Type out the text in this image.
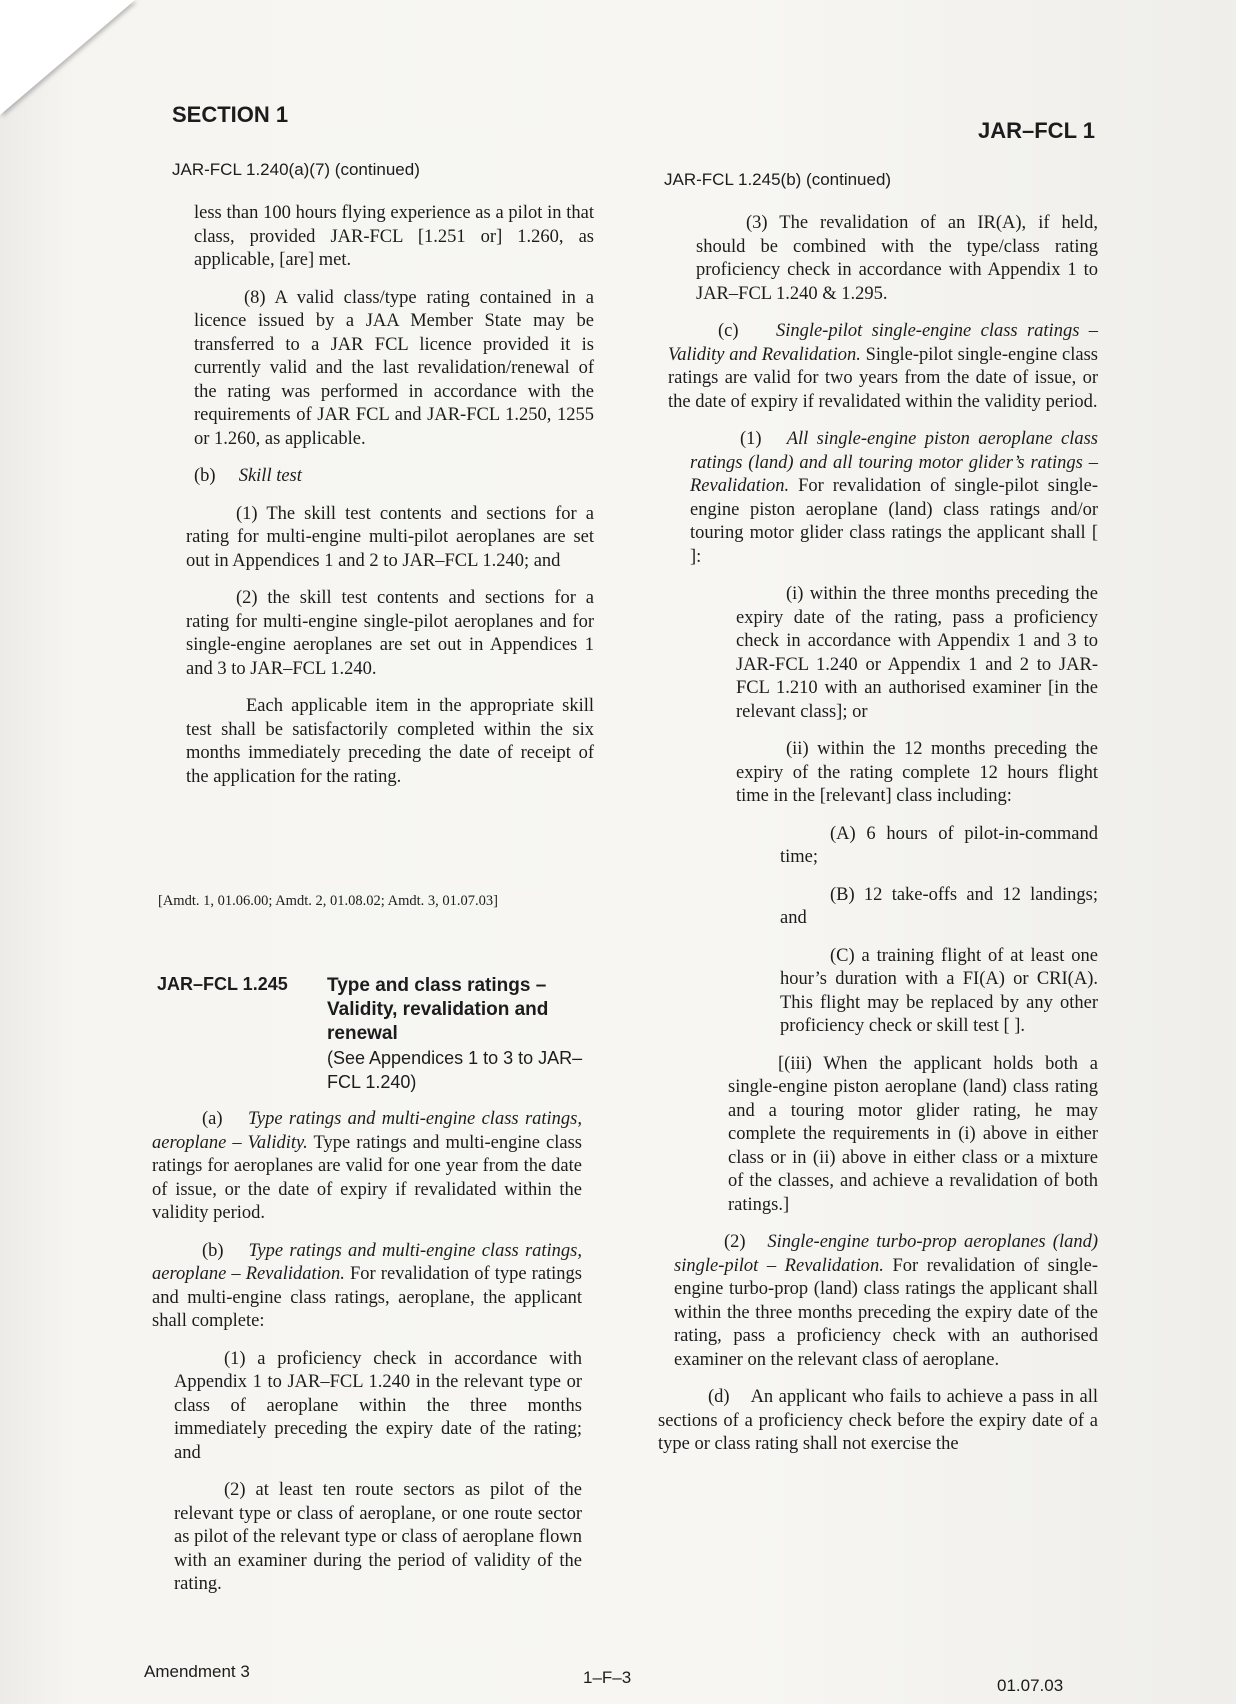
SECTION 1
JAR–FCL 1
JAR-FCL 1.240(a)(7) (continued)

less than 100 hours flying experience as a pilot in that class, provided JAR-FCL [1.251 or] 1.260, as applicable, [are] met.

(8) A valid class/type rating contained in a licence issued by a JAA Member State may be transferred to a JAR FCL licence provided it is currently valid and the last revalidation/renewal of the rating was performed in accordance with the requirements of JAR FCL and JAR-FCL 1.250, 1255 or 1.260, as applicable.

(b) Skill test

(1) The skill test contents and sections for a rating for multi-engine multi-pilot aeroplanes are set out in Appendices 1 and 2 to JAR–FCL 1.240; and

(2) the skill test contents and sections for a rating for multi-engine single-pilot aeroplanes and for single-engine aeroplanes are set out in Appendices 1 and 3 to JAR–FCL 1.240.

Each applicable item in the appropriate skill test shall be satisfactorily completed within the six months immediately preceding the date of receipt of the application for the rating.

[Amdt. 1, 01.06.00; Amdt. 2, 01.08.02; Amdt. 3, 01.07.03]
JAR–FCL 1.245 Type and class ratings – Validity, revalidation and renewal
(See Appendices 1 to 3 to JAR–FCL 1.240)

(a) Type ratings and multi-engine class ratings, aeroplane – Validity. Type ratings and multi-engine class ratings for aeroplanes are valid for one year from the date of issue, or the date of expiry if revalidated within the validity period.

(b) Type ratings and multi-engine class ratings, aeroplane – Revalidation. For revalidation of type ratings and multi-engine class ratings, aeroplane, the applicant shall complete:

(1) a proficiency check in accordance with Appendix 1 to JAR–FCL 1.240 in the relevant type or class of aeroplane within the three months immediately preceding the expiry date of the rating; and

(2) at least ten route sectors as pilot of the relevant type or class of aeroplane, or one route sector as pilot of the relevant type or class of aeroplane flown with an examiner during the period of validity of the rating.

JAR-FCL 1.245(b) (continued)

(3) The revalidation of an IR(A), if held, should be combined with the type/class rating proficiency check in accordance with Appendix 1 to JAR–FCL 1.240 & 1.295.

(c) Single-pilot single-engine class ratings – Validity and Revalidation. Single-pilot single-engine class ratings are valid for two years from the date of issue, or the date of expiry if revalidated within the validity period.

(1) All single-engine piston aeroplane class ratings (land) and all touring motor glider’s ratings – Revalidation. For revalidation of single-pilot single-engine piston aeroplane (land) class ratings and/or touring motor glider class ratings the applicant shall [ ]:

(i) within the three months preceding the expiry date of the rating, pass a proficiency check in accordance with Appendix 1 and 3 to JAR-FCL 1.240 or Appendix 1 and 2 to JAR-FCL 1.210 with an authorised examiner [in the relevant class]; or

(ii) within the 12 months preceding the expiry of the rating complete 12 hours flight time in the [relevant] class including:

(A) 6 hours of pilot-in-command time;

(B) 12 take-offs and 12 landings; and

(C) a training flight of at least one hour’s duration with a FI(A) or CRI(A). This flight may be replaced by any other proficiency check or skill test [ ].

[(iii) When the applicant holds both a single-engine piston aeroplane (land) class rating and a touring motor glider rating, he may complete the requirements in (i) above in either class or in (ii) above in either class or a mixture of the classes, and achieve a revalidation of both ratings.]

(2) Single-engine turbo-prop aeroplanes (land) single-pilot – Revalidation. For revalidation of single-engine turbo-prop (land) class ratings the applicant shall within the three months preceding the expiry date of the rating, pass a proficiency check with an authorised examiner on the relevant class of aeroplane.

(d) An applicant who fails to achieve a pass in all sections of a proficiency check before the expiry date of a type or class rating shall not exercise the

Amendment 3	1–F–3	01.07.03
